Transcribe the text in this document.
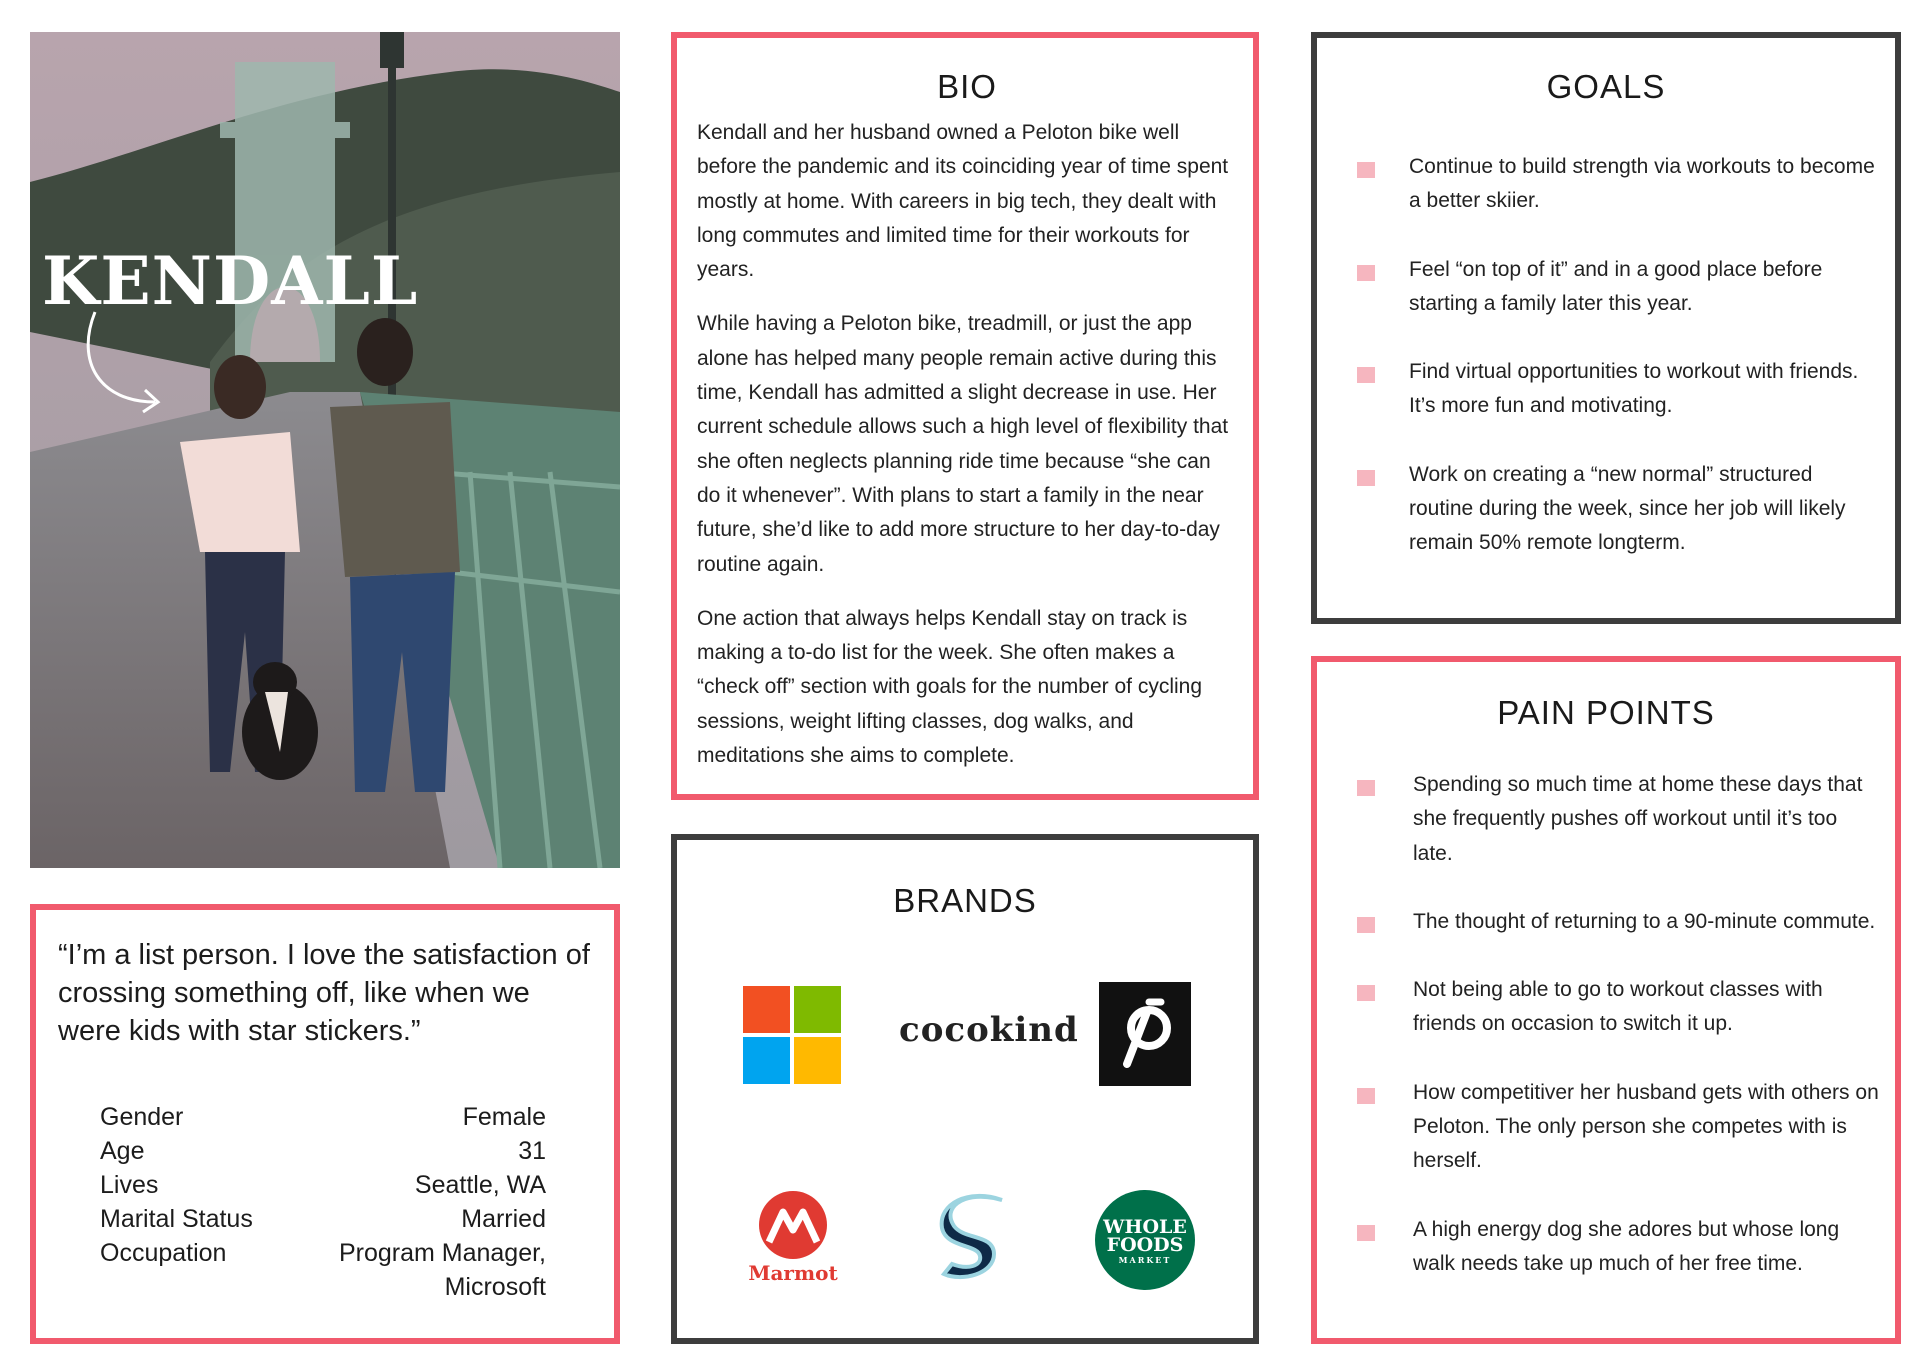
KENDALL

“I’m a list person. I love the satisfaction of crossing something off, like when we were kids with star stickers.”

Gender	Female
Age	31
Lives	Seattle, WA
Marital Status	Married
Occupation	Program Manager, Microsoft
BIO

Kendall and her husband owned a Peloton bike well before the pandemic and its coinciding year of time spent mostly at home. With careers in big tech, they dealt with long commutes and limited time for their workouts for years.

While having a Peloton bike, treadmill, or just the app alone has helped many people remain active during this time, Kendall has admitted a slight decrease in use. Her current schedule allows such a high level of flexibility that she often neglects planning ride time because “she can do it whenever”. With plans to start a family in the near future, she’d like to add more structure to her day-to-day routine again.

One action that always helps Kendall stay on track is making a to-do list for the week. She often makes a “check off” section with goals for the number of cycling sessions, weight lifting classes, dog walks, and meditations she aims to complete.

BRANDS
cocokind
Marmot
WHOLE
FOODS
MARKET
GOALS
Continue to build strength via workouts to become a better skiier.
Feel “on top of it” and in a good place before starting a family later this year.
Find virtual opportunities to workout with friends. It’s more fun and motivating.
Work on creating a “new normal” structured routine during the week, since her job will likely remain 50% remote longterm.
PAIN POINTS
Spending so much time at home these days that she frequently pushes off workout until it’s too late.
The thought of returning to a 90-minute commute.
Not being able to go to workout classes with friends on occasion to switch it up.
How competitiver her husband gets with others on Peloton. The only person she competes with is herself.
A high energy dog she adores but whose long walk needs take up much of her free time.
